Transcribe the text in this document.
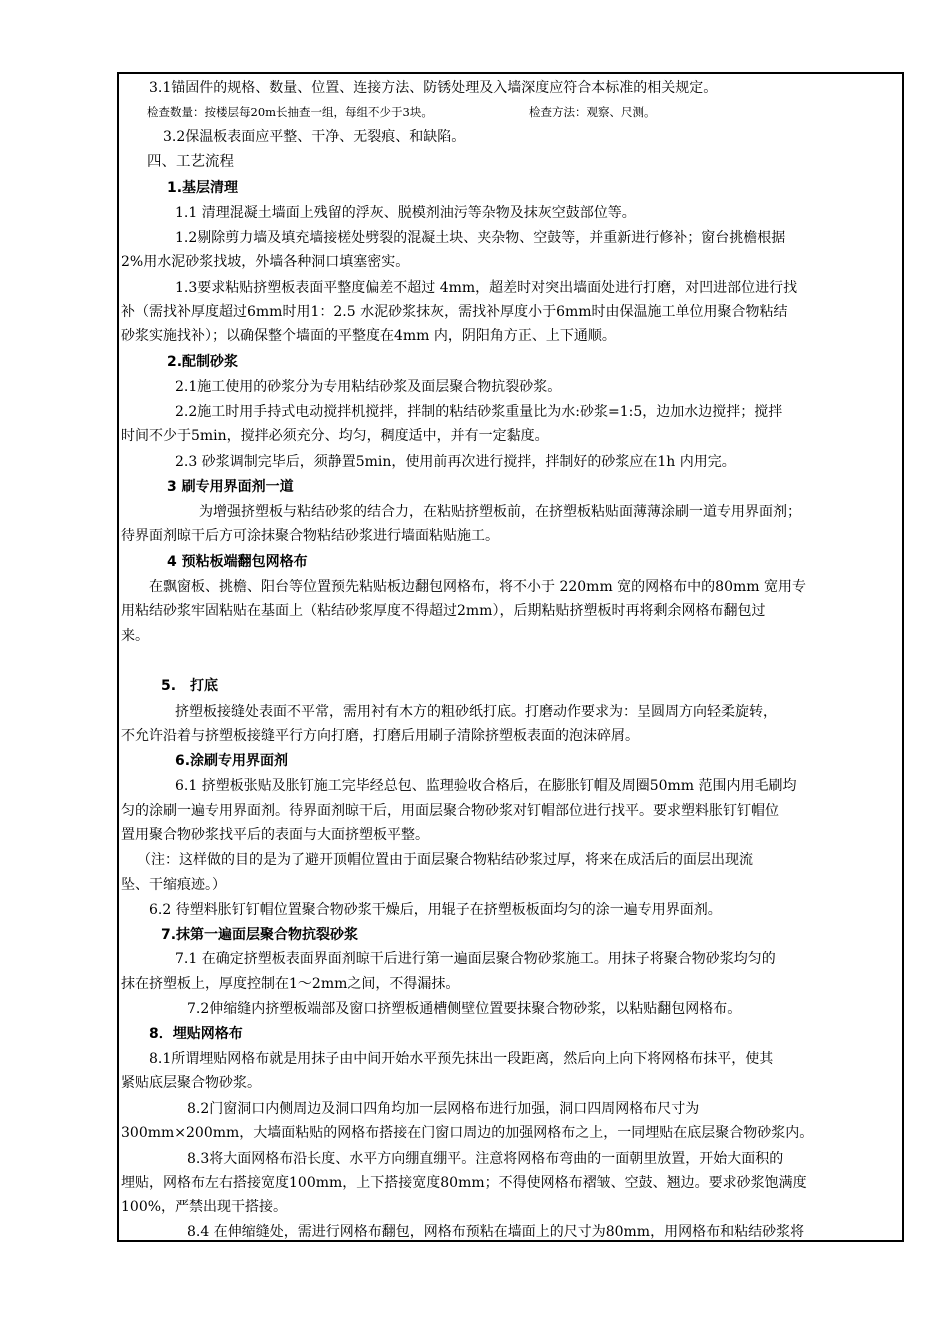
3.1锚固件的规格、数量、位置、连接方法、防锈处理及入墙深度应符合本标准的相关规定。
检查数量：按楼层每20m长抽查一组，每组不少于3块。	检查方法：观察、尺测。
3.2保温板表面应平整、干净、无裂痕、和缺陷。
四、工艺流程
1.基层清理
1.1 清理混凝土墙面上残留的浮灰、脱模剂油污等杂物及抹灰空鼓部位等。
1.2剔除剪力墙及填充墙接槎处劈裂的混凝土块、夹杂物、空鼓等，并重新进行修补；窗台挑檐根据
2%用水泥砂浆找坡，外墙各种洞口填塞密实。
1.3要求粘贴挤塑板表面平整度偏差不超过 4mm，超差时对突出墙面处进行打磨，对凹进部位进行找
补（需找补厚度超过6mm时用1：2.5 水泥砂浆抹灰，需找补厚度小于6mm时由保温施工单位用聚合物粘结
砂浆实施找补）；以确保整个墙面的平整度在4mm 内，阴阳角方正、上下通顺。
2.配制砂浆
2.1施工使用的砂浆分为专用粘结砂浆及面层聚合物抗裂砂浆。
2.2施工时用手持式电动搅拌机搅拌，拌制的粘结砂浆重量比为水:砂浆=1:5，边加水边搅拌；搅拌
时间不少于5min，搅拌必须充分、均匀，稠度适中，并有一定黏度。
2.3 砂浆调制完毕后，须静置5min，使用前再次进行搅拌，拌制好的砂浆应在1h 内用完。
3 刷专用界面剂一道
为增强挤塑板与粘结砂浆的结合力，在粘贴挤塑板前，在挤塑板粘贴面薄薄涂刷一道专用界面剂；
待界面剂晾干后方可涂抹聚合物粘结砂浆进行墙面粘贴施工。
4 预粘板端翻包网格布
在飘窗板、挑檐、阳台等位置预先粘贴板边翻包网格布，将不小于 220mm 宽的网格布中的80mm 宽用专
用粘结砂浆牢固粘贴在基面上（粘结砂浆厚度不得超过2mm），后期粘贴挤塑板时再将剩余网格布翻包过
来。
5.　打底
挤塑板接缝处表面不平常，需用衬有木方的粗砂纸打底。打磨动作要求为：呈圆周方向轻柔旋转，
不允许沿着与挤塑板接缝平行方向打磨，打磨后用刷子清除挤塑板表面的泡沫碎屑。
6.涂刷专用界面剂
6.1 挤塑板张贴及胀钉施工完毕经总包、监理验收合格后，在膨胀钉帽及周圈50mm 范围内用毛刷均
匀的涂刷一遍专用界面剂。待界面剂晾干后，用面层聚合物砂浆对钉帽部位进行找平。要求塑料胀钉钉帽位
置用聚合物砂浆找平后的表面与大面挤塑板平整。
（注：这样做的目的是为了避开顶帽位置由于面层聚合物粘结砂浆过厚，将来在成活后的面层出现流
坠、干缩痕迹。）
6.2 待塑料胀钉钉帽位置聚合物砂浆干燥后，用辊子在挤塑板板面均匀的涂一遍专用界面剂。
7.抹第一遍面层聚合物抗裂砂浆
7.1 在确定挤塑板表面界面剂晾干后进行第一遍面层聚合物砂浆施工。用抹子将聚合物砂浆均匀的
抹在挤塑板上，厚度控制在1～2mm之间，不得漏抹。
7.2伸缩缝内挤塑板端部及窗口挤塑板通槽侧壁位置要抹聚合物砂浆，以粘贴翻包网格布。
8．埋贴网格布
8.1所谓埋贴网格布就是用抹子由中间开始水平预先抹出一段距离，然后向上向下将网格布抹平，使其
紧贴底层聚合物砂浆。
8.2门窗洞口内侧周边及洞口四角均加一层网格布进行加强，洞口四周网格布尺寸为
300mm×200mm，大墙面粘贴的网格布搭接在门窗口周边的加强网格布之上，一同埋贴在底层聚合物砂浆内。
8.3将大面网格布沿长度、水平方向绷直绷平。注意将网格布弯曲的一面朝里放置，开始大面积的
埋贴，网格布左右搭接宽度100mm，上下搭接宽度80mm；不得使网格布褶皱、空鼓、翘边。要求砂浆饱满度
100%，严禁出现干搭接。
8.4 在伸缩缝处，需进行网格布翻包，网格布预粘在墙面上的尺寸为80mm，用网格布和粘结砂浆将
